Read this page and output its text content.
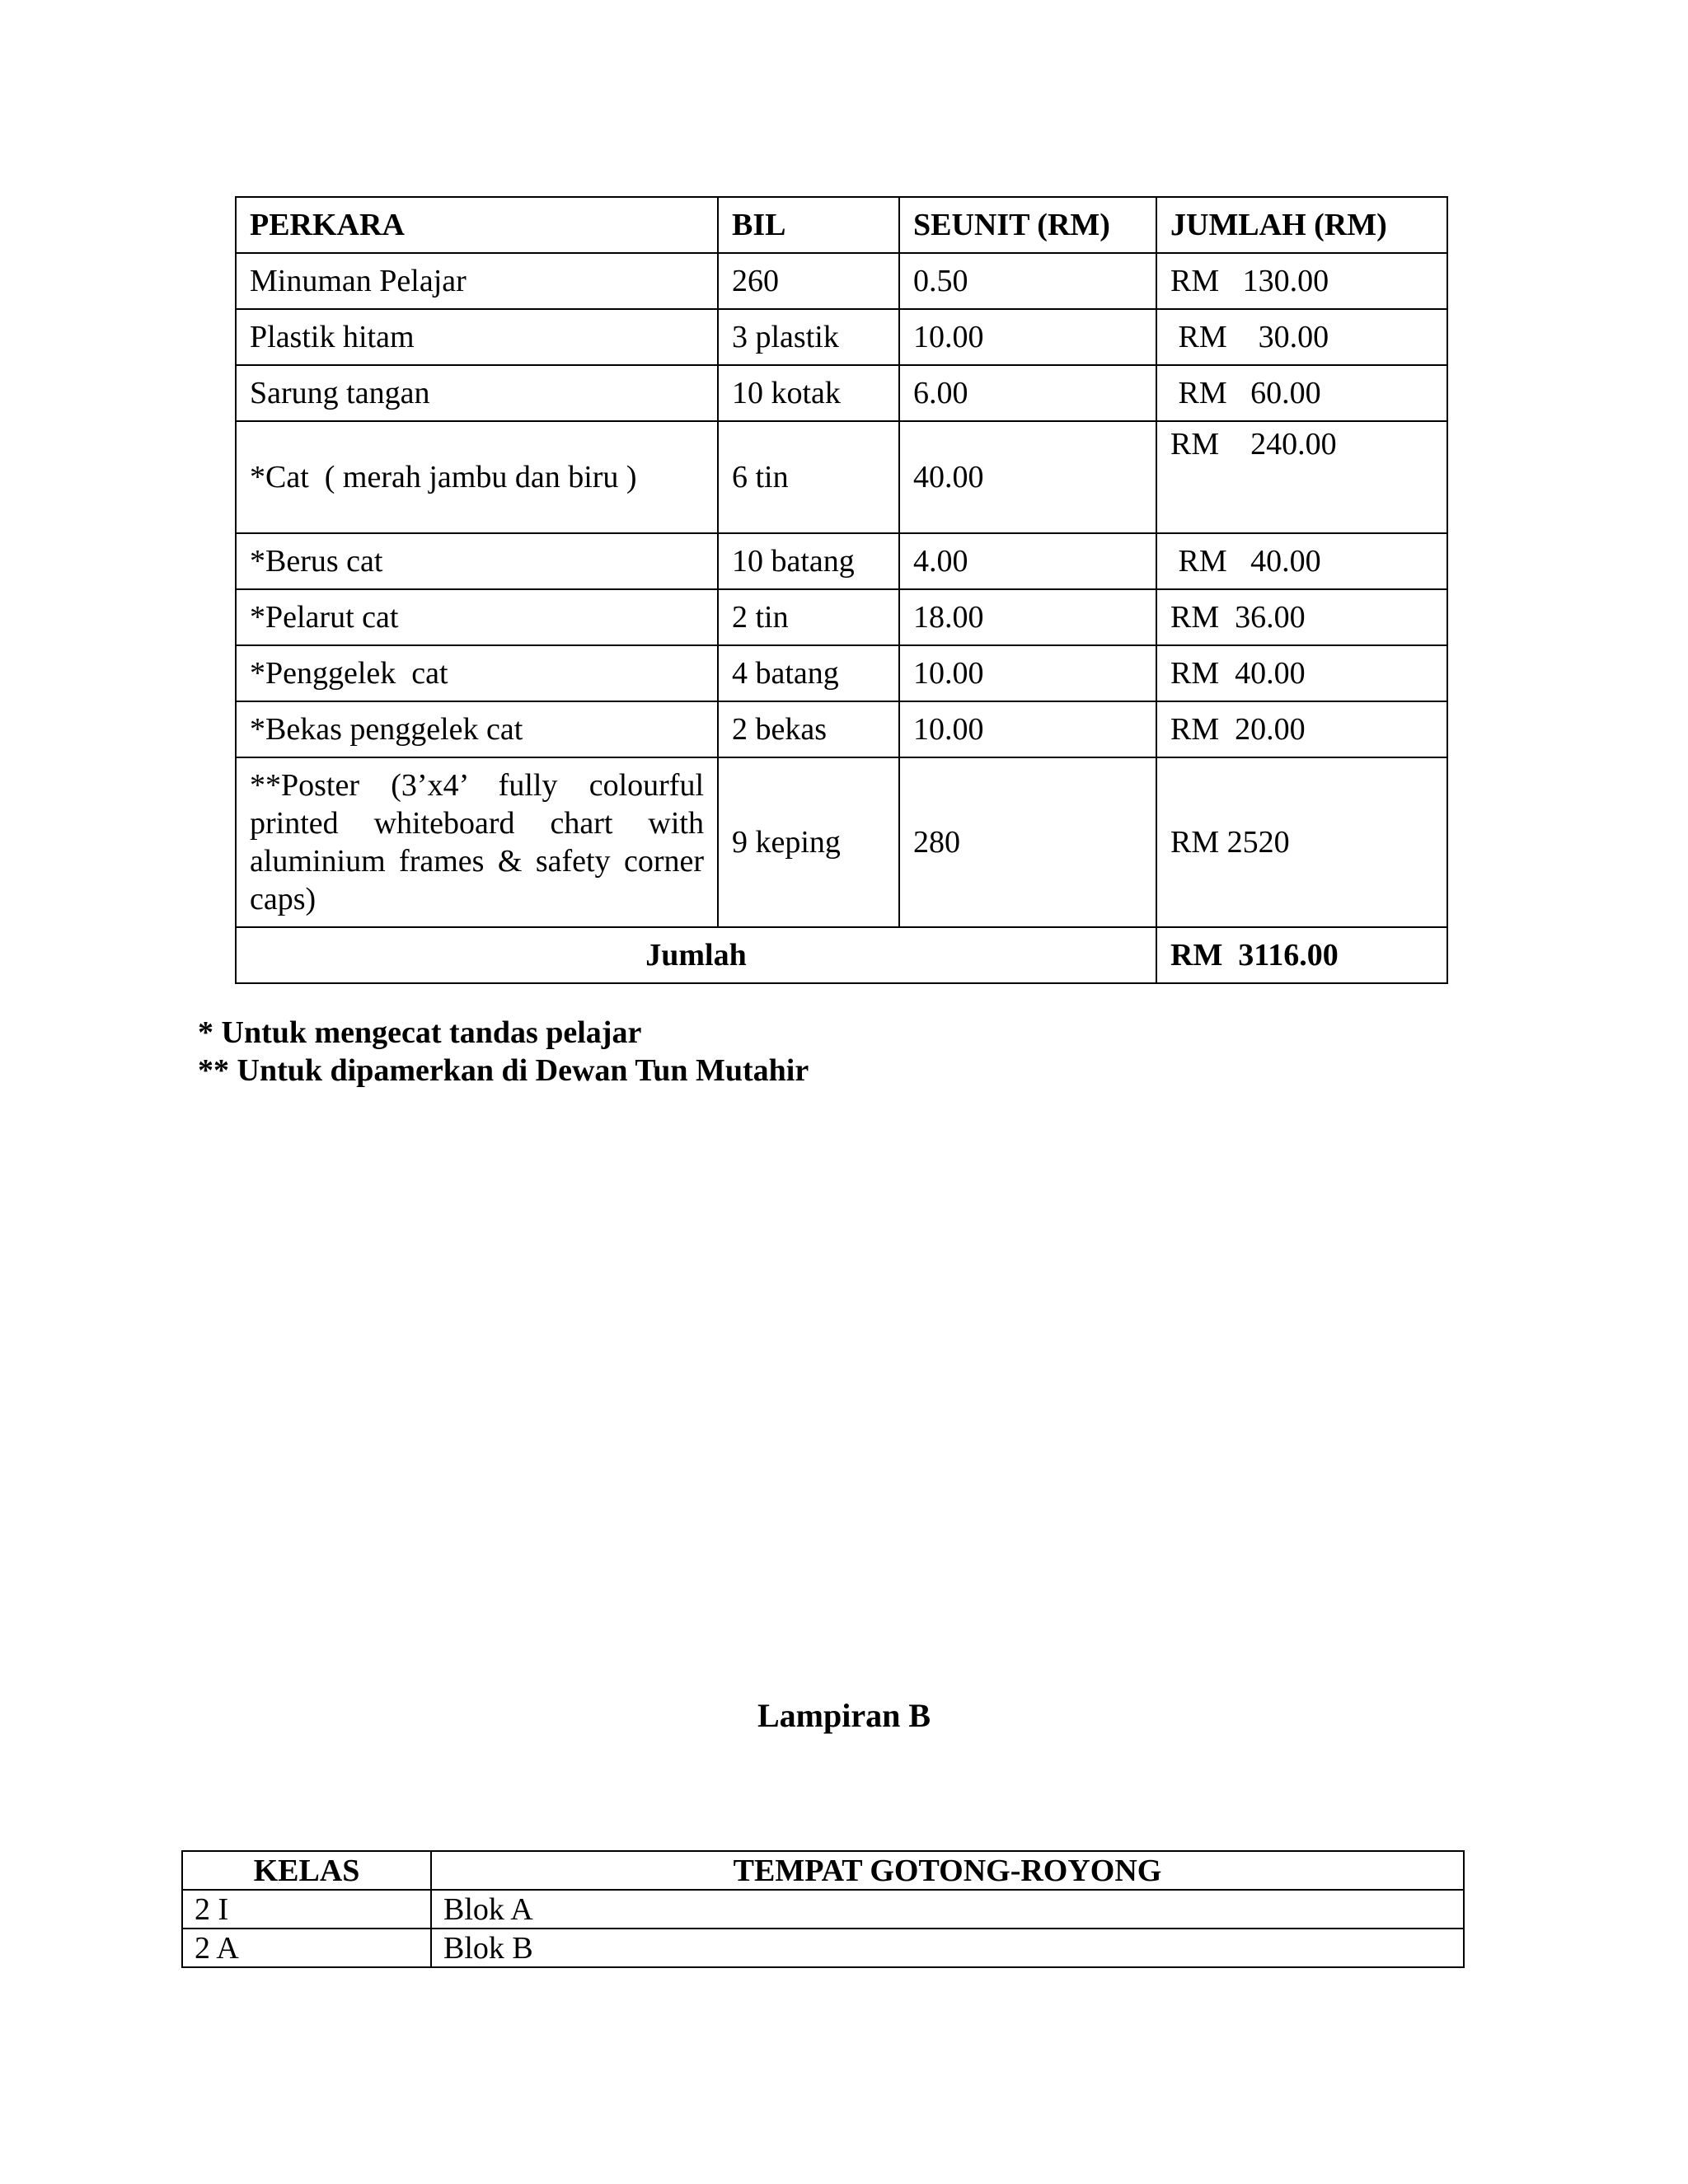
PERKARA	BIL	SEUNIT (RM)	JUMLAH (RM)
Minuman Pelajar	260	0.50	RM   130.00
Plastik hitam	3 plastik	10.00	RM    30.00
Sarung tangan	10 kotak	6.00	RM   60.00
*Cat  ( merah jambu dan biru )	6 tin	40.00	RM    240.00
*Berus cat	10 batang	4.00	RM   40.00
*Pelarut cat	2 tin	18.00	RM  36.00
*Penggelek  cat	4 batang	10.00	RM  40.00
*Bekas penggelek cat	2 bekas	10.00	RM  20.00
**Poster (3’x4’ fully colourful printed whiteboard chart with aluminium frames & safety corner caps)	9 keping	280	RM 2520
Jumlah			RM  3116.00
* Untuk mengecat tandas pelajar
** Untuk dipamerkan di Dewan Tun Mutahir
Lampiran B
KELAS	TEMPAT GOTONG-ROYONG
2 I	Blok A
2 A	Blok B
